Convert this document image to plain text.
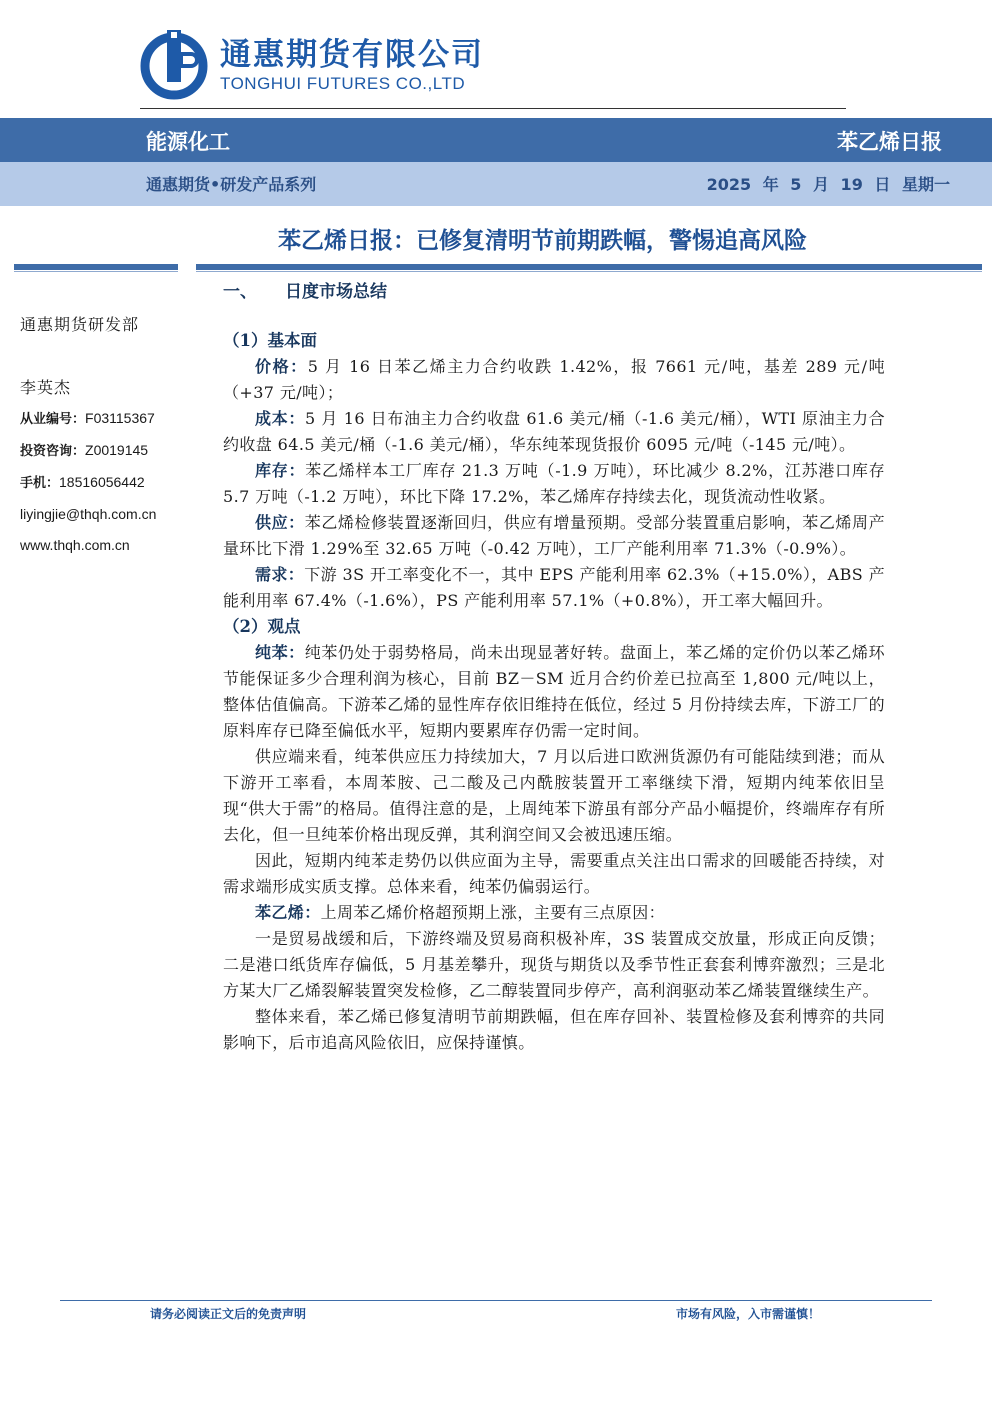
通惠期货有限公司
TONGHUI FUTURES CO.,LTD
能源化工	苯乙烯日报
通惠期货•研发产品系列	2025 年 5 月 19 日 星期一
苯乙烯日报：已修复清明节前期跌幅，警惕追高风险
通惠期货研发部
李英杰
从业编号：F03115367
投资咨询：Z0019145
手机：18516056442
liyingjie@thqh.com.cn
www.thqh.com.cn
一、 日度市场总结
（1）基本面

价格：5 月 16 日苯乙烯主力合约收跌 1.42%，报 7661 元/吨，基差 289 元/吨（+37 元/吨）；

成本：5 月 16 日布油主力合约收盘 61.6 美元/桶（-1.6 美元/桶），WTI 原油主力合约收盘 64.5 美元/桶（-1.6 美元/桶），华东纯苯现货报价 6095 元/吨（-145 元/吨）。

库存：苯乙烯样本工厂库存 21.3 万吨（-1.9 万吨），环比减少 8.2%，江苏港口库存 5.7 万吨（-1.2 万吨），环比下降 17.2%，苯乙烯库存持续去化，现货流动性收紧。

供应：苯乙烯检修装置逐渐回归，供应有增量预期。受部分装置重启影响，苯乙烯周产量环比下滑 1.29%至 32.65 万吨（-0.42 万吨），工厂产能利用率 71.3%（-0.9%）。

需求：下游 3S 开工率变化不一，其中 EPS 产能利用率 62.3%（+15.0%），ABS 产能利用率 67.4%（-1.6%），PS 产能利用率 57.1%（+0.8%），开工率大幅回升。

（2）观点

纯苯：纯苯仍处于弱势格局，尚未出现显著好转。盘面上，苯乙烯的定价仍以苯乙烯环节能保证多少合理利润为核心，目前 BZ－SM 近月合约价差已拉高至 1,800 元/吨以上，整体估值偏高。下游苯乙烯的显性库存依旧维持在低位，经过 5 月份持续去库，下游工厂的原料库存已降至偏低水平，短期内要累库存仍需一定时间。

供应端来看，纯苯供应压力持续加大，7 月以后进口欧洲货源仍有可能陆续到港；而从下游开工率看，本周苯胺、己二酸及己内酰胺装置开工率继续下滑，短期内纯苯依旧呈现“供大于需”的格局。值得注意的是，上周纯苯下游虽有部分产品小幅提价，终端库存有所去化，但一旦纯苯价格出现反弹，其利润空间又会被迅速压缩。

因此，短期内纯苯走势仍以供应面为主导，需要重点关注出口需求的回暖能否持续，对需求端形成实质支撑。总体来看，纯苯仍偏弱运行。

苯乙烯：上周苯乙烯价格超预期上涨，主要有三点原因：

一是贸易战缓和后，下游终端及贸易商积极补库，3S 装置成交放量，形成正向反馈；二是港口纸货库存偏低，5 月基差攀升，现货与期货以及季节性正套套利博弈激烈；三是北方某大厂乙烯裂解装置突发检修，乙二醇装置同步停产，高利润驱动苯乙烯装置继续生产。

整体来看，苯乙烯已修复清明节前期跌幅，但在库存回补、装置检修及套利博弈的共同影响下，后市追高风险依旧，应保持谨慎。

请务必阅读正文后的免责声明	市场有风险，入市需谨慎！
